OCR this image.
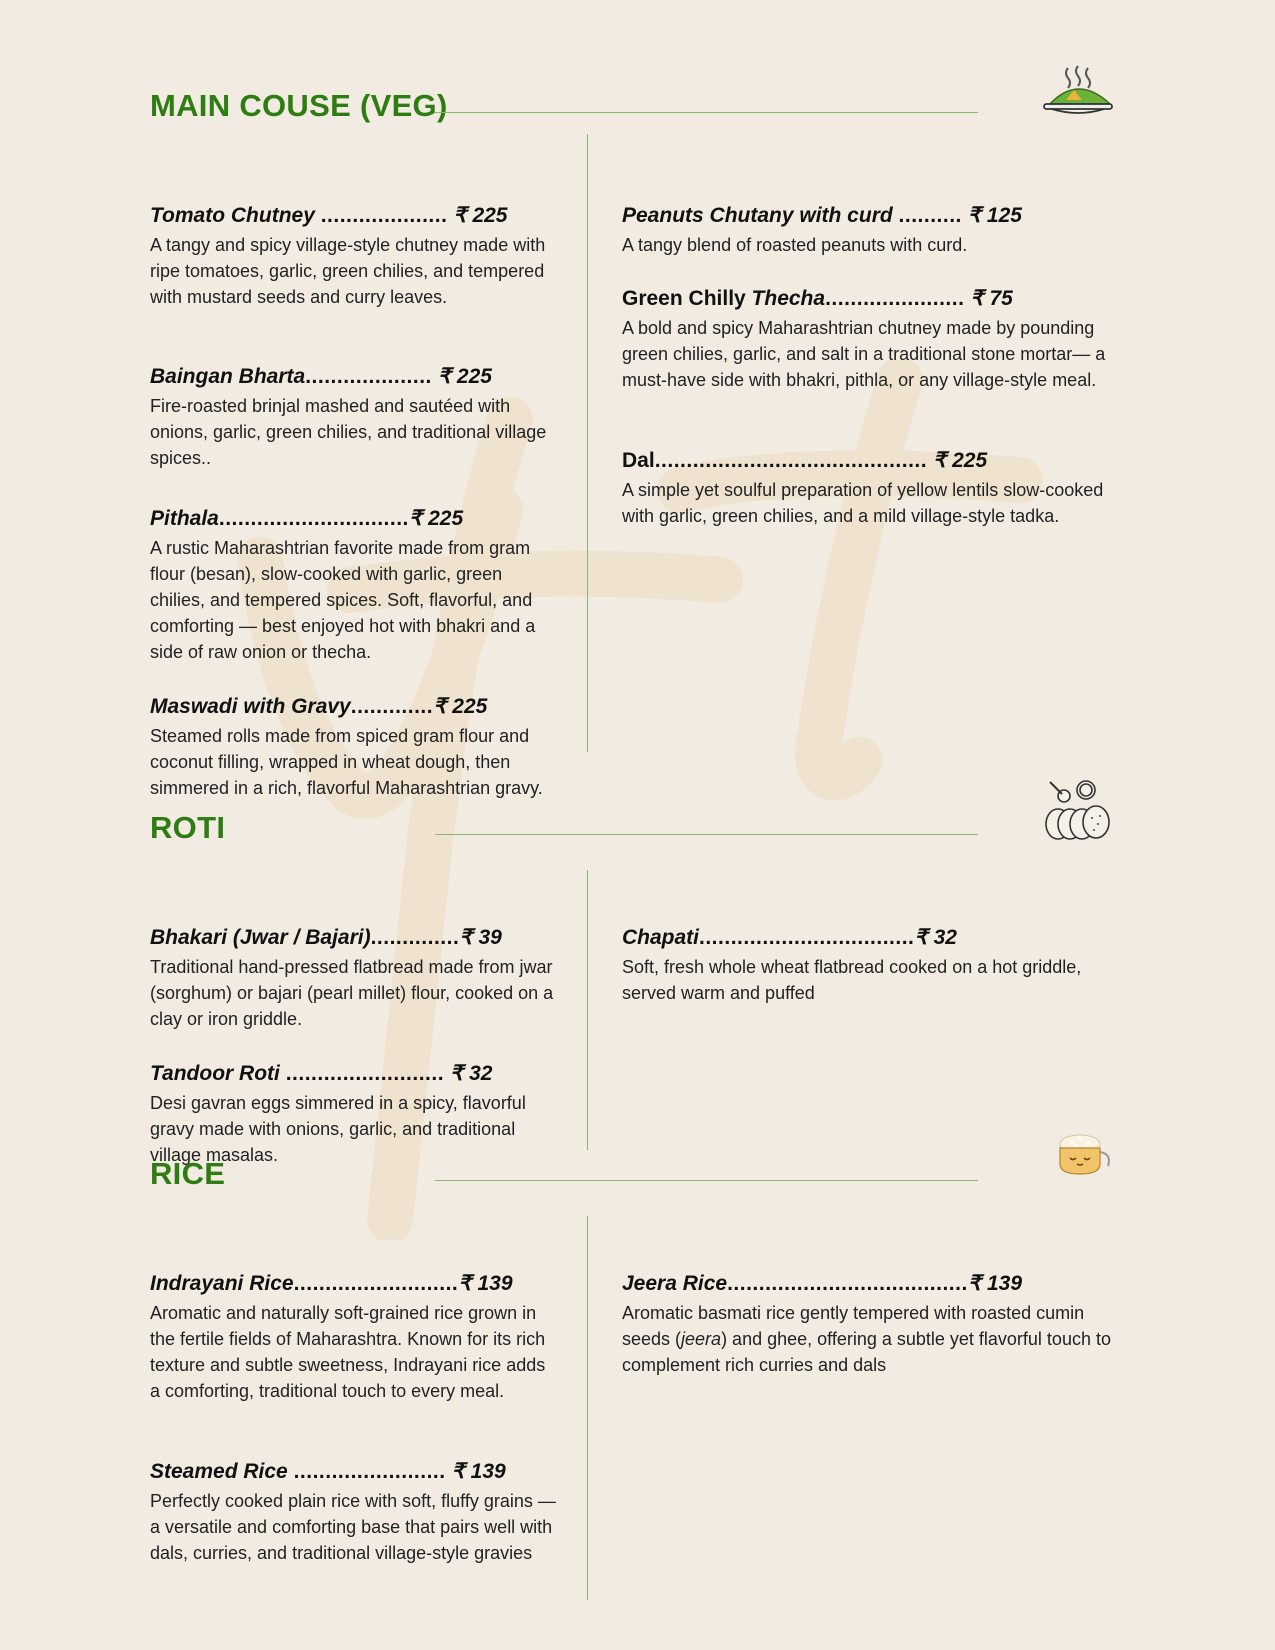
MAIN COUSE (VEG)
Tomato Chutney .................... ₹ 225
A tangy and spicy village-style chutney made with ripe tomatoes, garlic, green chilies, and tempered with mustard seeds and curry leaves.
Baingan Bharta.................... ₹ 225
Fire-roasted brinjal mashed and sautéed with onions, garlic, green chilies, and traditional village spices..
Pithala..............................₹ 225
A rustic Maharashtrian favorite made from gram flour (besan), slow-cooked with garlic, green chilies, and tempered spices. Soft, flavorful, and comforting — best enjoyed hot with bhakri and a side of raw onion or thecha.
Maswadi with Gravy.............₹ 225
Steamed rolls made from spiced gram flour and coconut filling, wrapped in wheat dough, then simmered in a rich, flavorful Maharashtrian gravy.
Peanuts Chutany with curd .......... ₹ 125
A tangy blend of roasted peanuts with curd.
Green Chilly Thecha...................... ₹ 75
A bold and spicy Maharashtrian chutney made by pounding green chilies, garlic, and salt in a traditional stone mortar— a must-have side with bhakri, pithla, or any village-style meal.
Dal........................................... ₹ 225
A simple yet soulful preparation of yellow lentils slow-cooked with garlic, green chilies, and a mild village-style tadka.
ROTI
Bhakari (Jwar / Bajari)..............₹ 39
Traditional hand-pressed flatbread made from jwar (sorghum) or bajari (pearl millet) flour, cooked on a clay or iron griddle.
Tandoor Roti ......................... ₹ 32
Desi gavran eggs simmered in a spicy, flavorful gravy made with onions, garlic, and traditional village masalas.
Chapati..................................₹ 32
Soft, fresh whole wheat flatbread cooked on a hot griddle, served warm and puffed
RICE
Indrayani Rice..........................₹ 139
Aromatic and naturally soft-grained rice grown in the fertile fields of Maharashtra. Known for its rich texture and subtle sweetness, Indrayani rice adds a comforting, traditional touch to every meal.
Steamed Rice ........................ ₹ 139
Perfectly cooked plain rice with soft, fluffy grains — a versatile and comforting base that pairs well with dals, curries, and traditional village-style gravies
Jeera Rice......................................₹ 139
Aromatic basmati rice gently tempered with roasted cumin seeds (jeera) and ghee, offering a subtle yet flavorful touch to complement rich curries and dals
